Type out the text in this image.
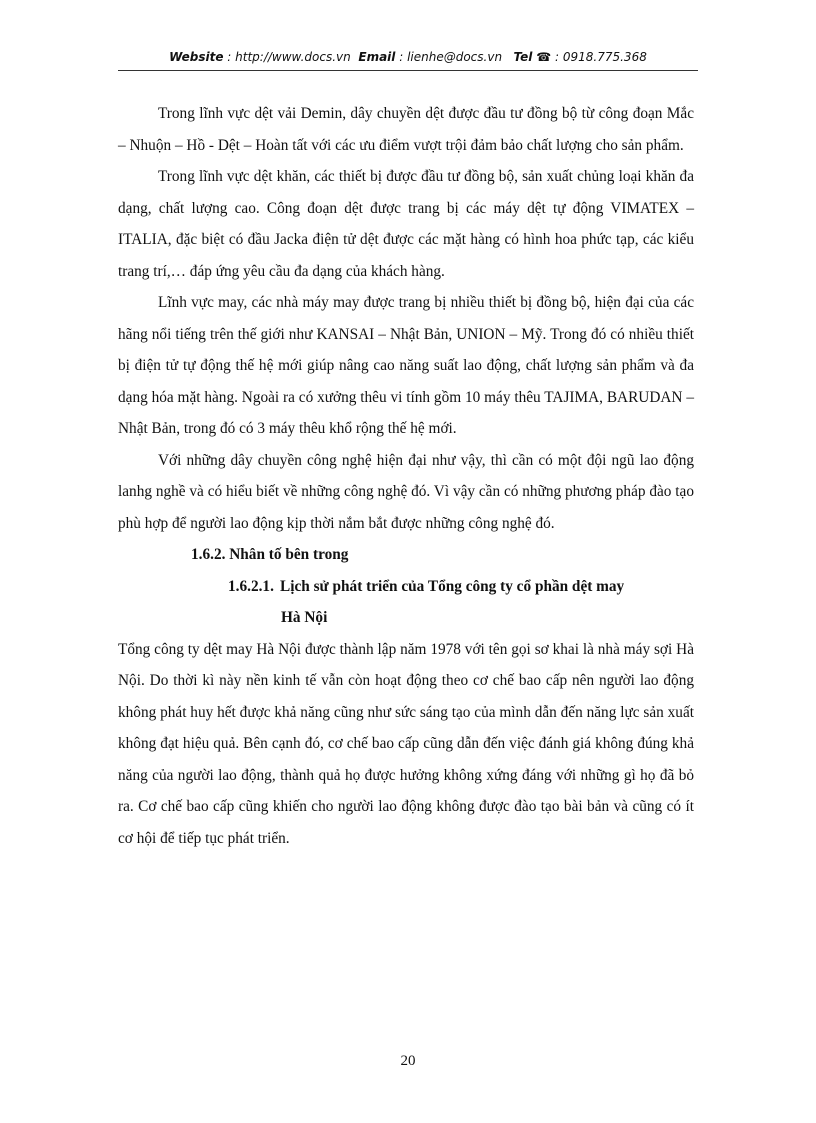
Website : http://www.docs.vn Email : lienhe@docs.vn Tel ☎ : 0918.775.368

Trong lĩnh vực dệt vải Demin, dây chuyền dệt được đầu tư đồng bộ từ công đoạn Mắc – Nhuộn – Hồ - Dệt – Hoàn tất với các ưu điểm vượt trội đảm bảo chất lượng cho sản phẩm.

Trong lĩnh vực dệt khăn, các thiết bị được đầu tư đồng bộ, sản xuất chủng loại khăn đa dạng, chất lượng cao. Công đoạn dệt được trang bị các máy dệt tự động VIMATEX – ITALIA, đặc biệt có đầu Jacka điện tử dệt được các mặt hàng có hình hoa phức tạp, các kiểu trang trí,… đáp ứng yêu cầu đa dạng của khách hàng.

Lĩnh vực may, các nhà máy may được trang bị nhiều thiết bị đồng bộ, hiện đại của các hãng nổi tiếng trên thế giới như KANSAI – Nhật Bản, UNION – Mỹ. Trong đó có nhiều thiết bị điện tử tự động thế hệ mới giúp nâng cao năng suất lao động, chất lượng sản phẩm và đa dạng hóa mặt hàng. Ngoài ra có xưởng thêu vi tính gồm 10 máy thêu TAJIMA, BARUDAN – Nhật Bản, trong đó có 3 máy thêu khổ rộng thế hệ mới.

Với những dây chuyền công nghệ hiện đại như vậy, thì cần có một đội ngũ lao động lanhg nghề và có hiểu biết về những công nghệ đó. Vì vậy cần có những phương pháp đào tạo phù hợp để người lao động kịp thời nắm bắt được những công nghệ đó.

1.6.2. Nhân tố bên trong

1.6.2.1. Lịch sử phát triển của Tổng công ty cổ phần dệt may
Hà Nội

Tổng công ty dệt may Hà Nội được thành lập năm 1978 với tên gọi sơ khai là nhà máy sợi Hà Nội. Do thời kì này nền kinh tế vẫn còn hoạt động theo cơ chế bao cấp nên người lao động không phát huy hết được khả năng cũng như sức sáng tạo của mình dẫn đến năng lực sản xuất không đạt hiệu quả. Bên cạnh đó, cơ chế bao cấp cũng dẫn đến việc đánh giá không đúng khả năng của người lao động, thành quả họ được hưởng không xứng đáng với những gì họ đã bỏ ra. Cơ chế bao cấp cũng khiến cho người lao động không được đào tạo bài bản và cũng có ít cơ hội để tiếp tục phát triển.

20
